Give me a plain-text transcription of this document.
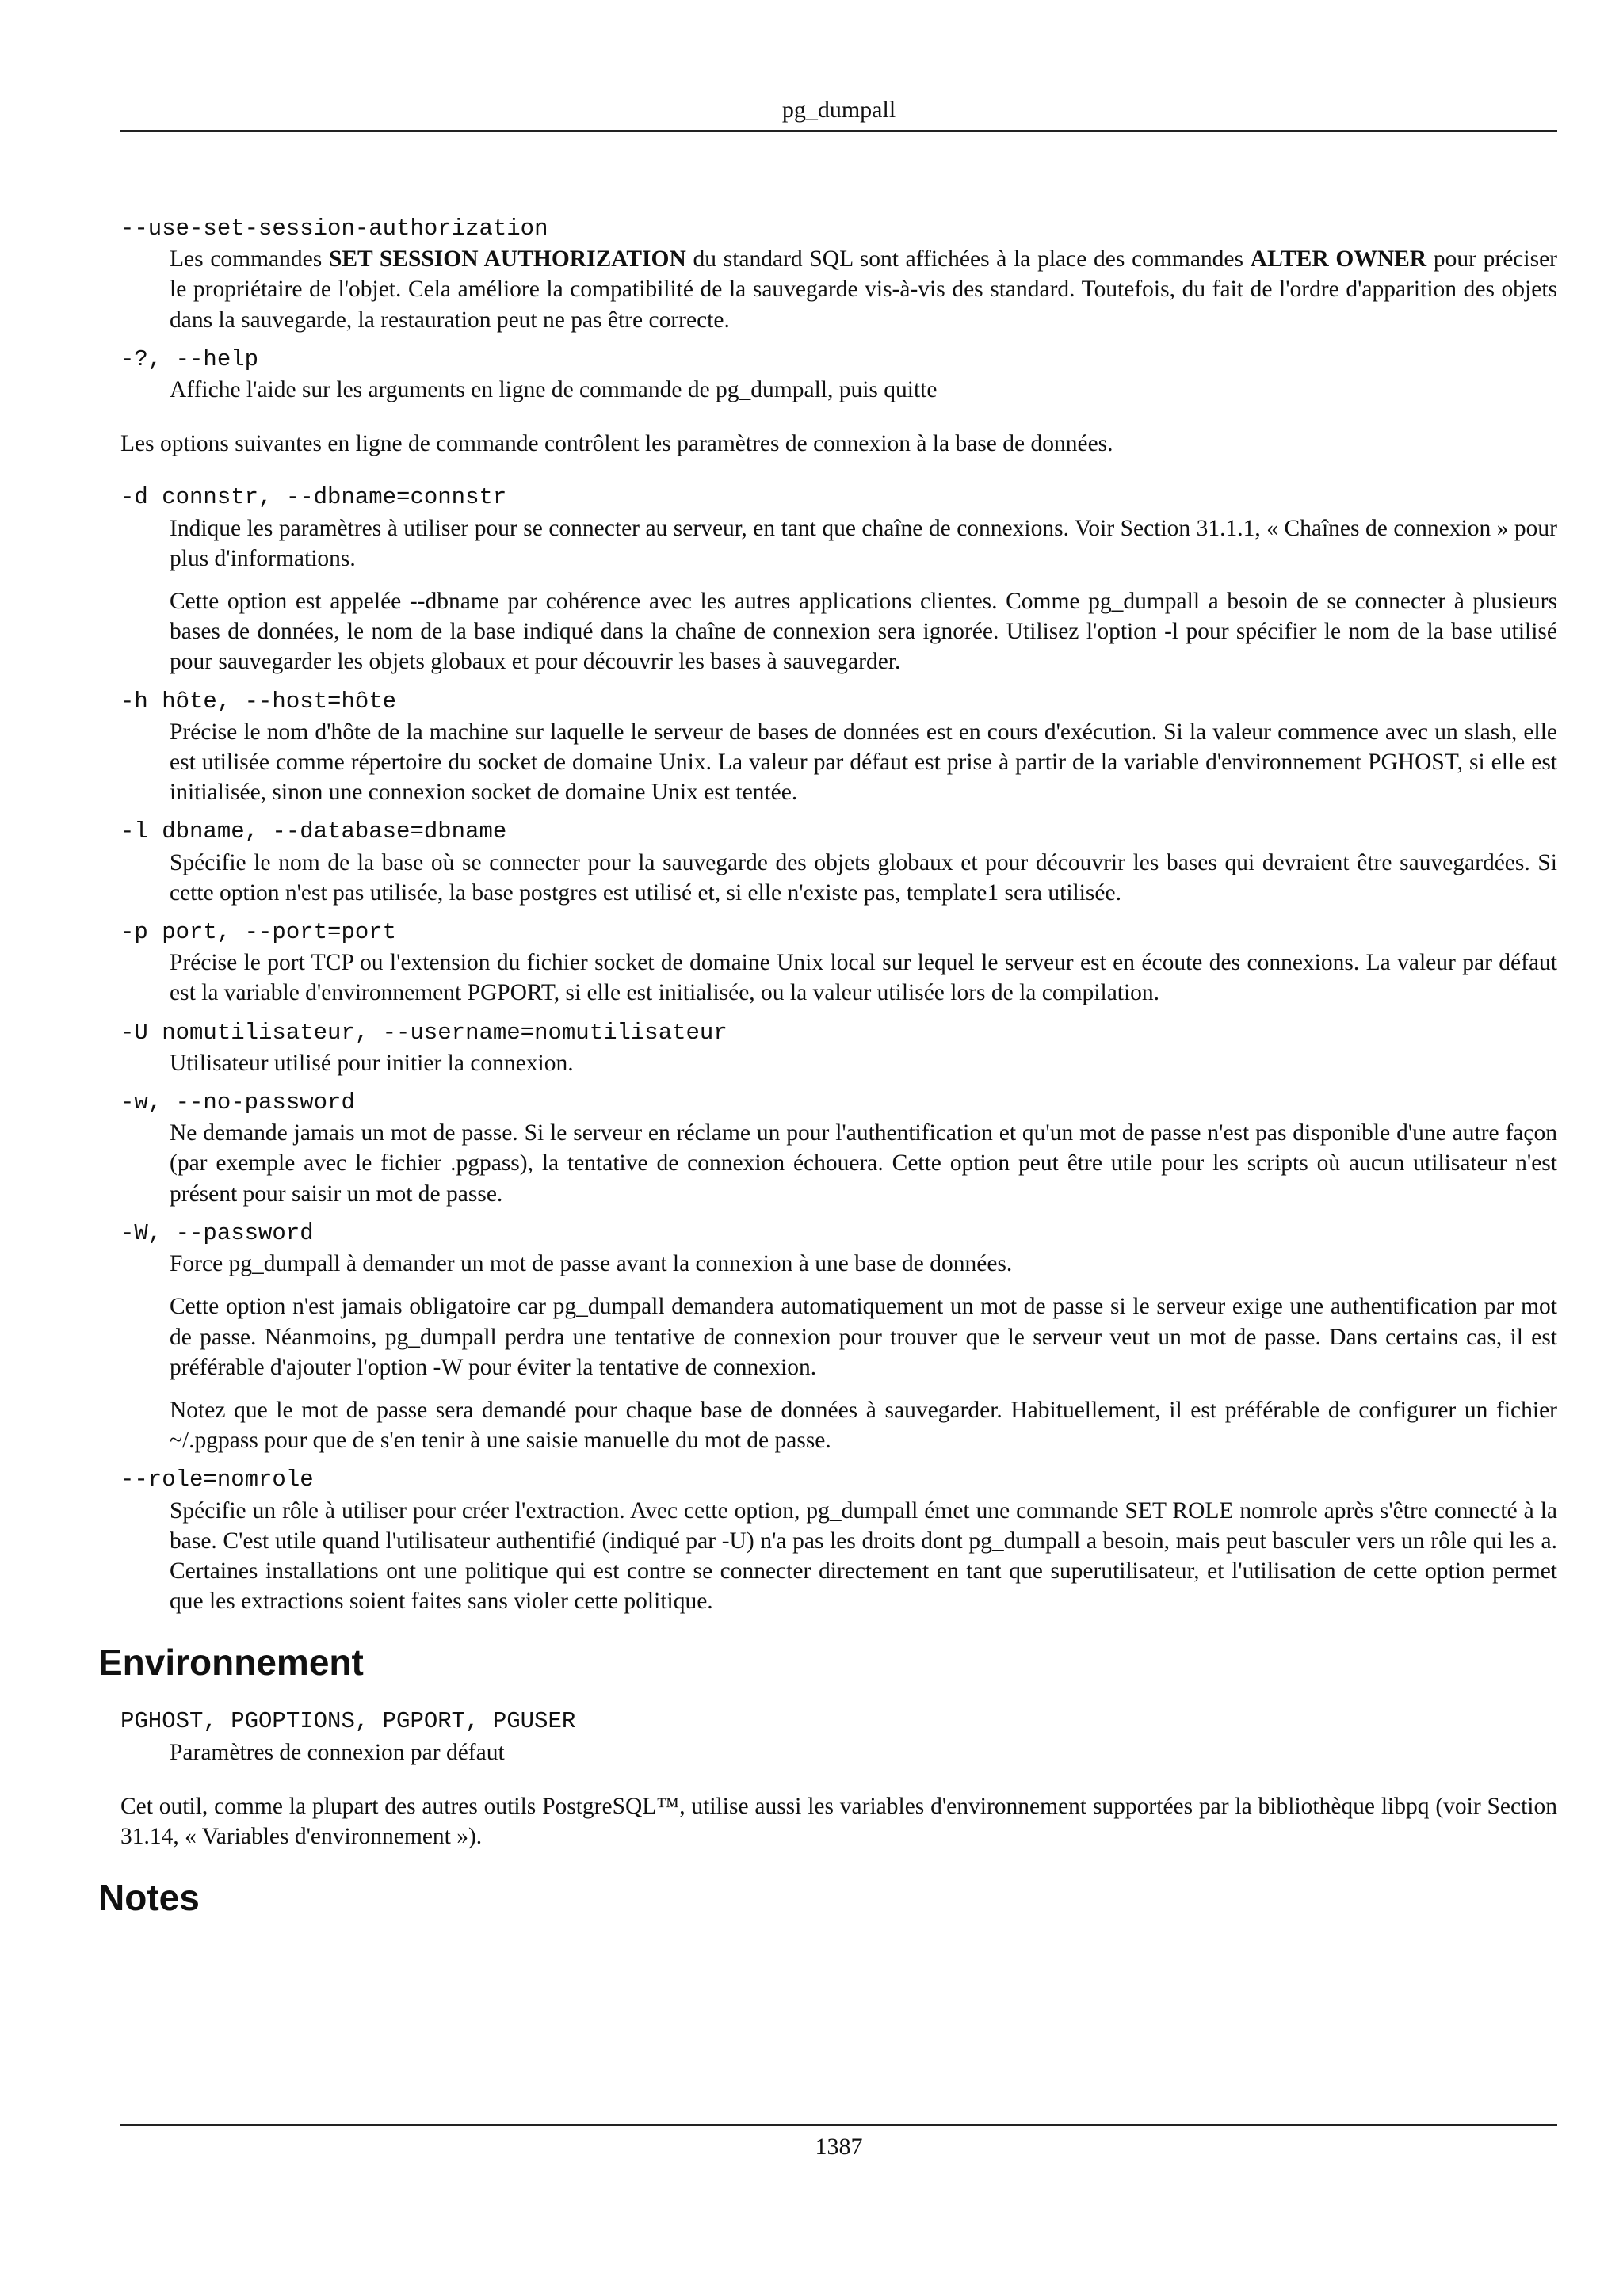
pg_dumpall
--use-set-session-authorization

Les commandes SET SESSION AUTHORIZATION du standard SQL sont affichées à la place des commandes ALTER OWNER pour préciser le propriétaire de l'objet. Cela améliore la compatibilité de la sauvegarde vis-à-vis des standard. Toutefois, du fait de l'ordre d'apparition des objets dans la sauvegarde, la restauration peut ne pas être correcte.

-?, --help

Affiche l'aide sur les arguments en ligne de commande de pg_dumpall, puis quitte

Les options suivantes en ligne de commande contrôlent les paramètres de connexion à la base de données.
-d connstr, --dbname=connstr

Indique les paramètres à utiliser pour se connecter au serveur, en tant que chaîne de connexions. Voir Section 31.1.1, « Chaînes de connexion » pour plus d'informations.

Cette option est appelée --dbname par cohérence avec les autres applications clientes. Comme pg_dumpall a besoin de se connecter à plusieurs bases de données, le nom de la base indiqué dans la chaîne de connexion sera ignorée. Utilisez l'option -l pour spécifier le nom de la base utilisé pour sauvegarder les objets globaux et pour découvrir les bases à sauvegarder.

-h hôte, --host=hôte

Précise le nom d'hôte de la machine sur laquelle le serveur de bases de données est en cours d'exécution. Si la valeur commence avec un slash, elle est utilisée comme répertoire du socket de domaine Unix. La valeur par défaut est prise à partir de la variable d'environnement PGHOST, si elle est initialisée, sinon une connexion socket de domaine Unix est tentée.

-l dbname, --database=dbname

Spécifie le nom de la base où se connecter pour la sauvegarde des objets globaux et pour découvrir les bases qui devraient être sauvegardées. Si cette option n'est pas utilisée, la base postgres est utilisé et, si elle n'existe pas, template1 sera utilisée.

-p port, --port=port

Précise le port TCP ou l'extension du fichier socket de domaine Unix local sur lequel le serveur est en écoute des connexions. La valeur par défaut est la variable d'environnement PGPORT, si elle est initialisée, ou la valeur utilisée lors de la compilation.

-U nomutilisateur, --username=nomutilisateur

Utilisateur utilisé pour initier la connexion.

-w, --no-password

Ne demande jamais un mot de passe. Si le serveur en réclame un pour l'authentification et qu'un mot de passe n'est pas disponible d'une autre façon (par exemple avec le fichier .pgpass), la tentative de connexion échouera. Cette option peut être utile pour les scripts où aucun utilisateur n'est présent pour saisir un mot de passe.

-W, --password

Force pg_dumpall à demander un mot de passe avant la connexion à une base de données.

Cette option n'est jamais obligatoire car pg_dumpall demandera automatiquement un mot de passe si le serveur exige une authentification par mot de passe. Néanmoins, pg_dumpall perdra une tentative de connexion pour trouver que le serveur veut un mot de passe. Dans certains cas, il est préférable d'ajouter l'option -W pour éviter la tentative de connexion.

Notez que le mot de passe sera demandé pour chaque base de données à sauvegarder. Habituellement, il est préférable de configurer un fichier ~/.pgpass pour que de s'en tenir à une saisie manuelle du mot de passe.

--role=nomrole

Spécifie un rôle à utiliser pour créer l'extraction. Avec cette option, pg_dumpall émet une commande SET ROLE nomrole après s'être connecté à la base. C'est utile quand l'utilisateur authentifié (indiqué par -U) n'a pas les droits dont pg_dumpall a besoin, mais peut basculer vers un rôle qui les a. Certaines installations ont une politique qui est contre se connecter directement en tant que superutilisateur, et l'utilisation de cette option permet que les extractions soient faites sans violer cette politique.

Environnement
PGHOST, PGOPTIONS, PGPORT, PGUSER

Paramètres de connexion par défaut

Cet outil, comme la plupart des autres outils PostgreSQL™, utilise aussi les variables d'environnement supportées par la bibliothèque libpq (voir Section 31.14, « Variables d'environnement »).
Notes
1387
